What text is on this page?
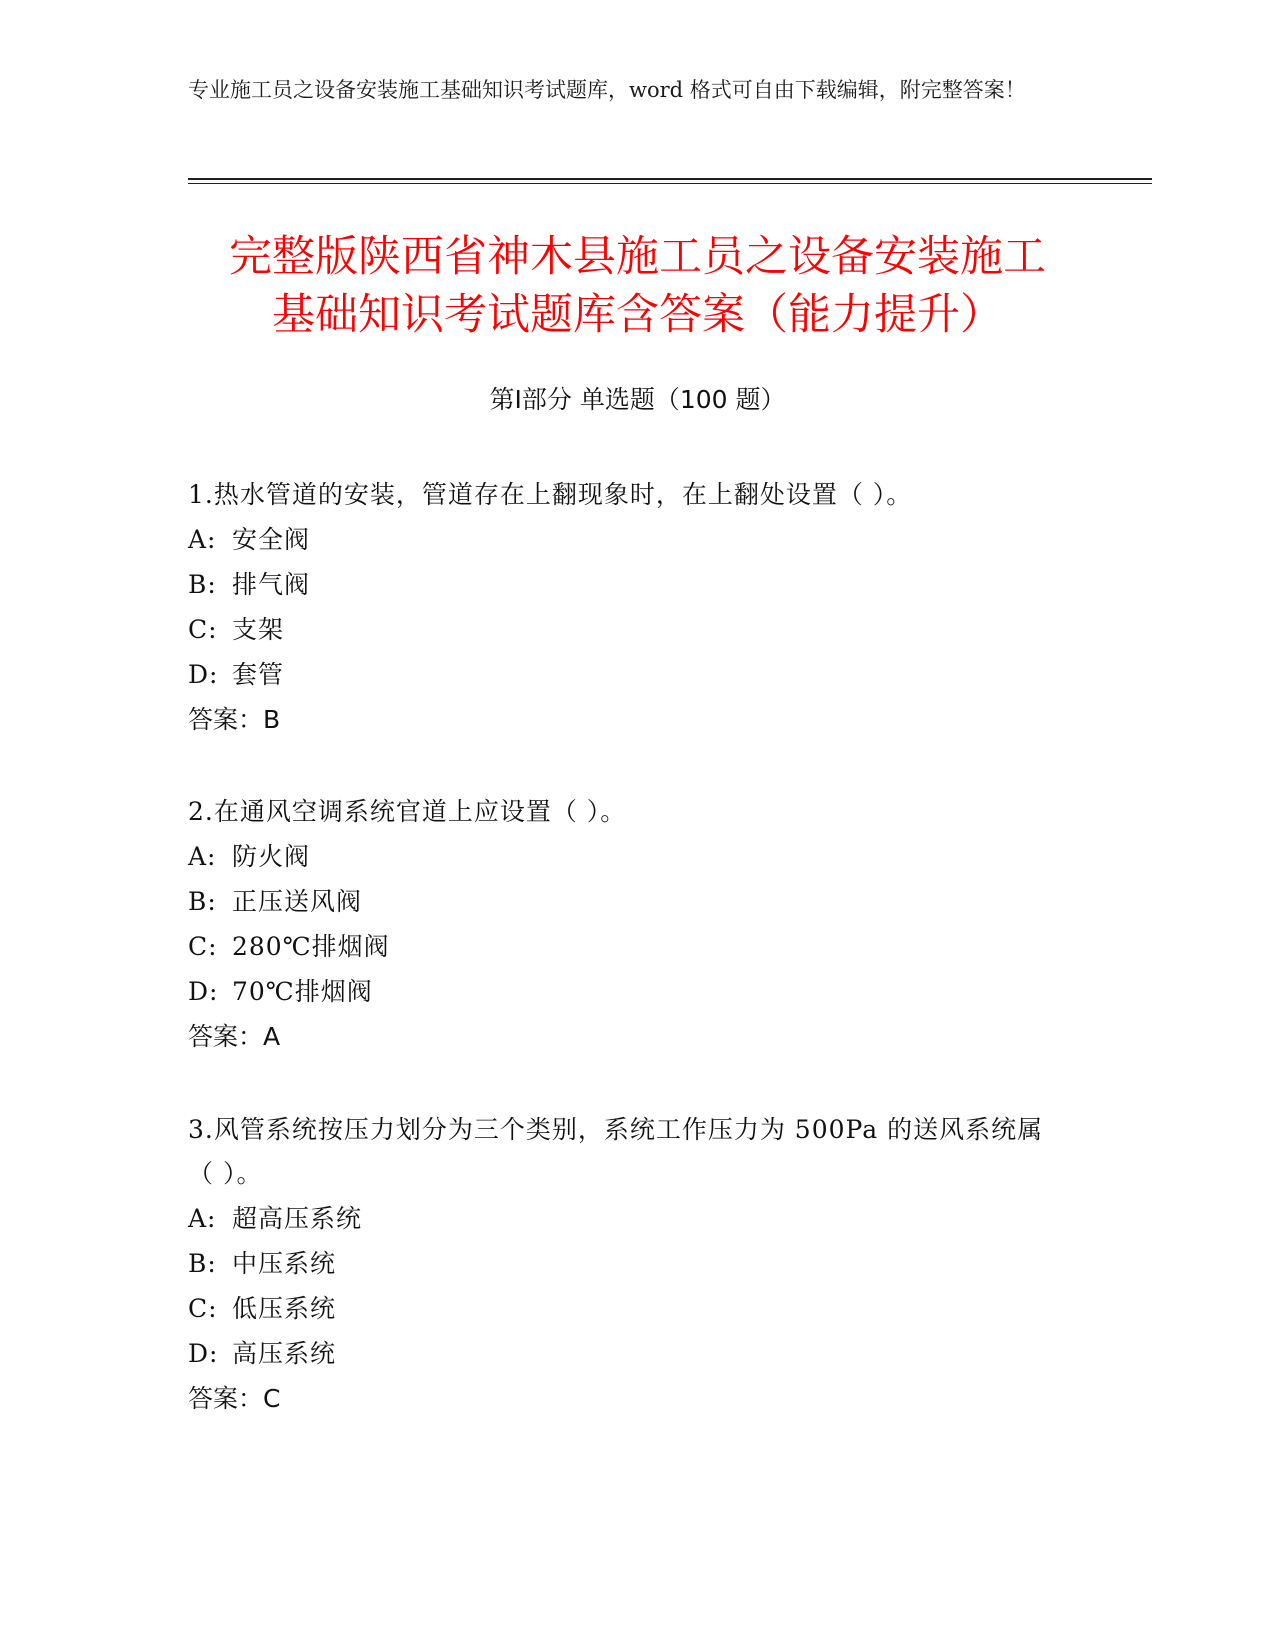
专业施工员之设备安装施工基础知识考试题库，word 格式可自由下载编辑，附完整答案！
完整版陕西省神木县施工员之设备安装施工
基础知识考试题库含答案（能力提升）
第Ⅰ部分 单选题（100 题）
1.热水管道的安装，管道存在上翻现象时，在上翻处设置（ ）。
A: 安全阀
B: 排气阀
C: 支架
D: 套管
答案：B
2.在通风空调系统官道上应设置（ ）。
A: 防火阀
B: 正压送风阀
C: 280℃排烟阀
D: 70℃排烟阀
答案：A
3.风管系统按压力划分为三个类别，系统工作压力为 500Pa 的送风系统属（ ）。
A: 超高压系统
B: 中压系统
C: 低压系统
D: 高压系统
答案：C
